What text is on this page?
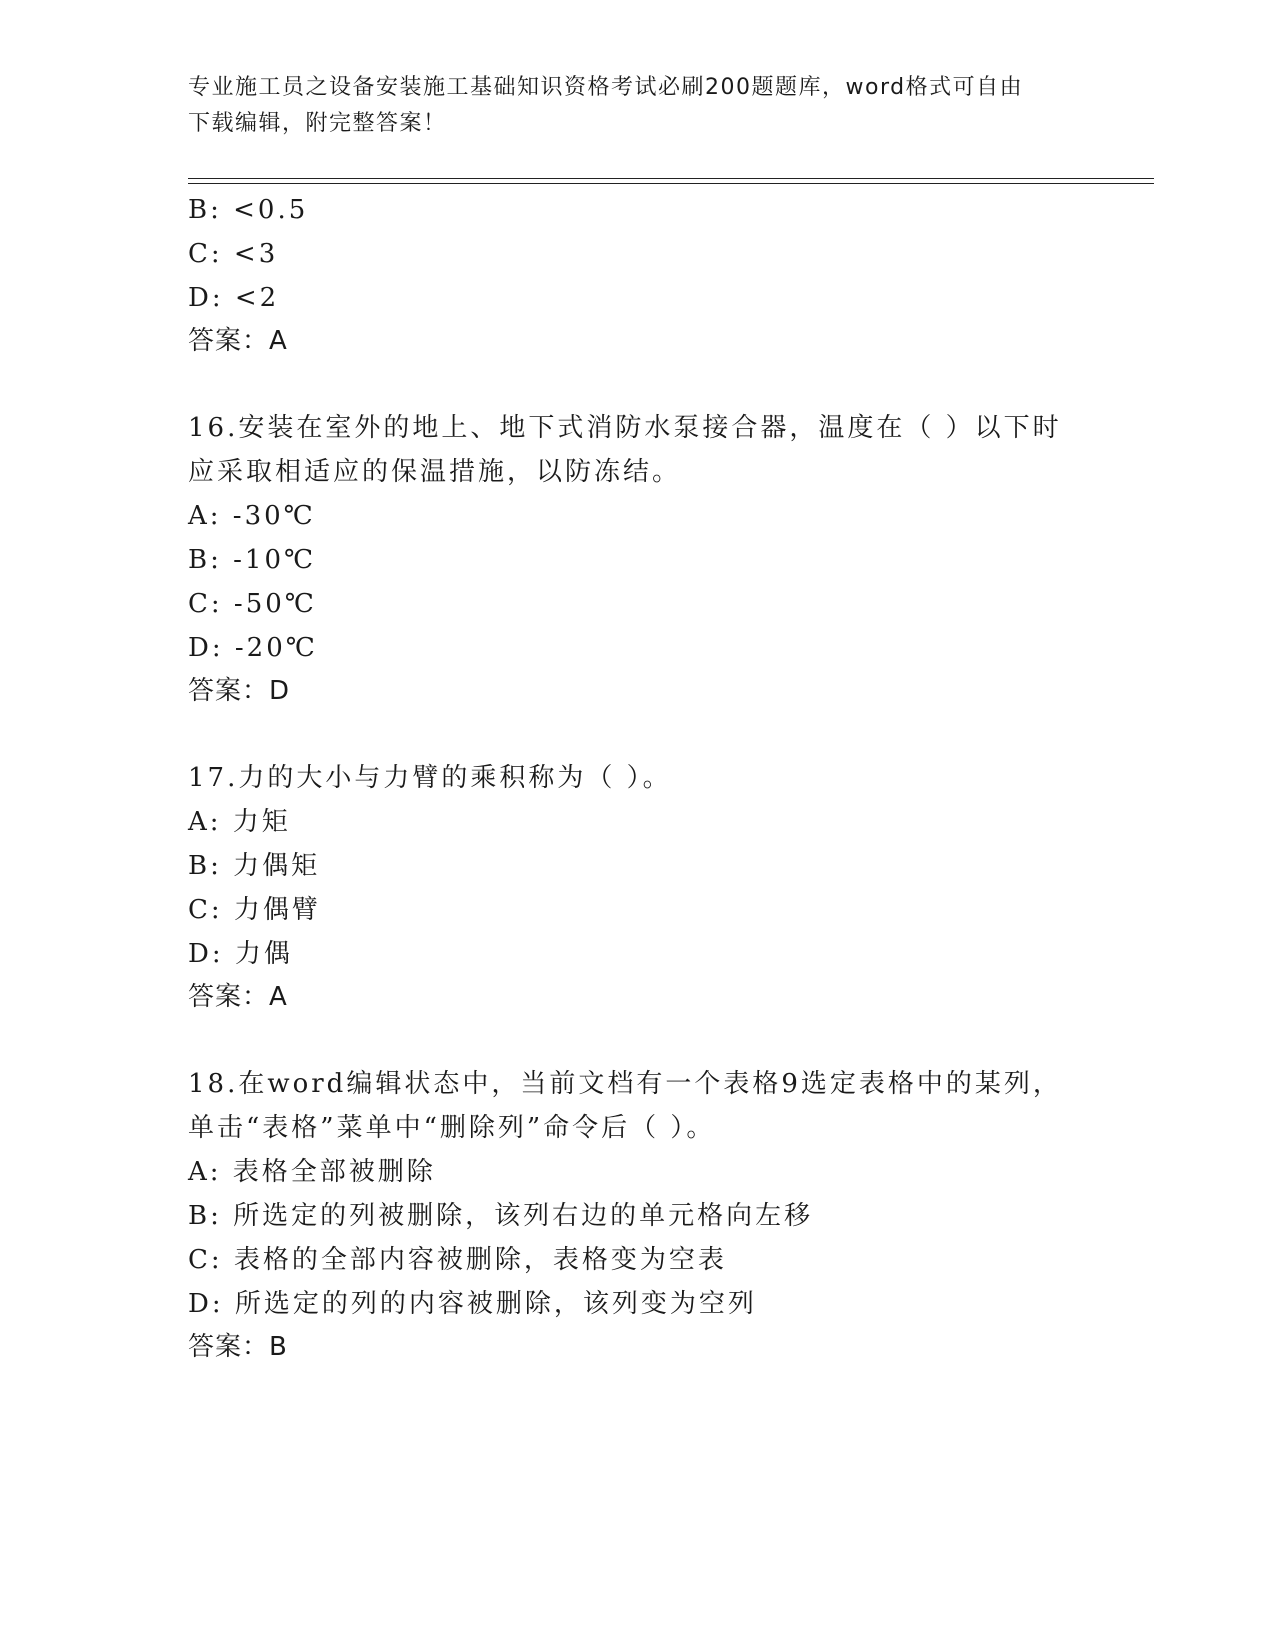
专业施工员之设备安装施工基础知识资格考试必刷200题题库，word格式可自由
下载编辑，附完整答案！
B: <0.5
C: <3
D: <2
答案：A
16.安装在室外的地上、地下式消防水泵接合器，温度在（ ）以下时
应采取相适应的保温措施，以防冻结。
A: -30℃
B: -10℃
C: -50℃
D: -20℃
答案：D
17.力的大小与力臂的乘积称为（ ）。
A: 力矩
B: 力偶矩
C: 力偶臂
D: 力偶
答案：A
18.在word编辑状态中，当前文档有一个表格9选定表格中的某列，
单击“表格”菜单中“删除列”命令后（ ）。
A: 表格全部被删除
B: 所选定的列被删除，该列右边的单元格向左移
C: 表格的全部内容被删除，表格变为空表
D: 所选定的列的内容被删除，该列变为空列
答案：B
